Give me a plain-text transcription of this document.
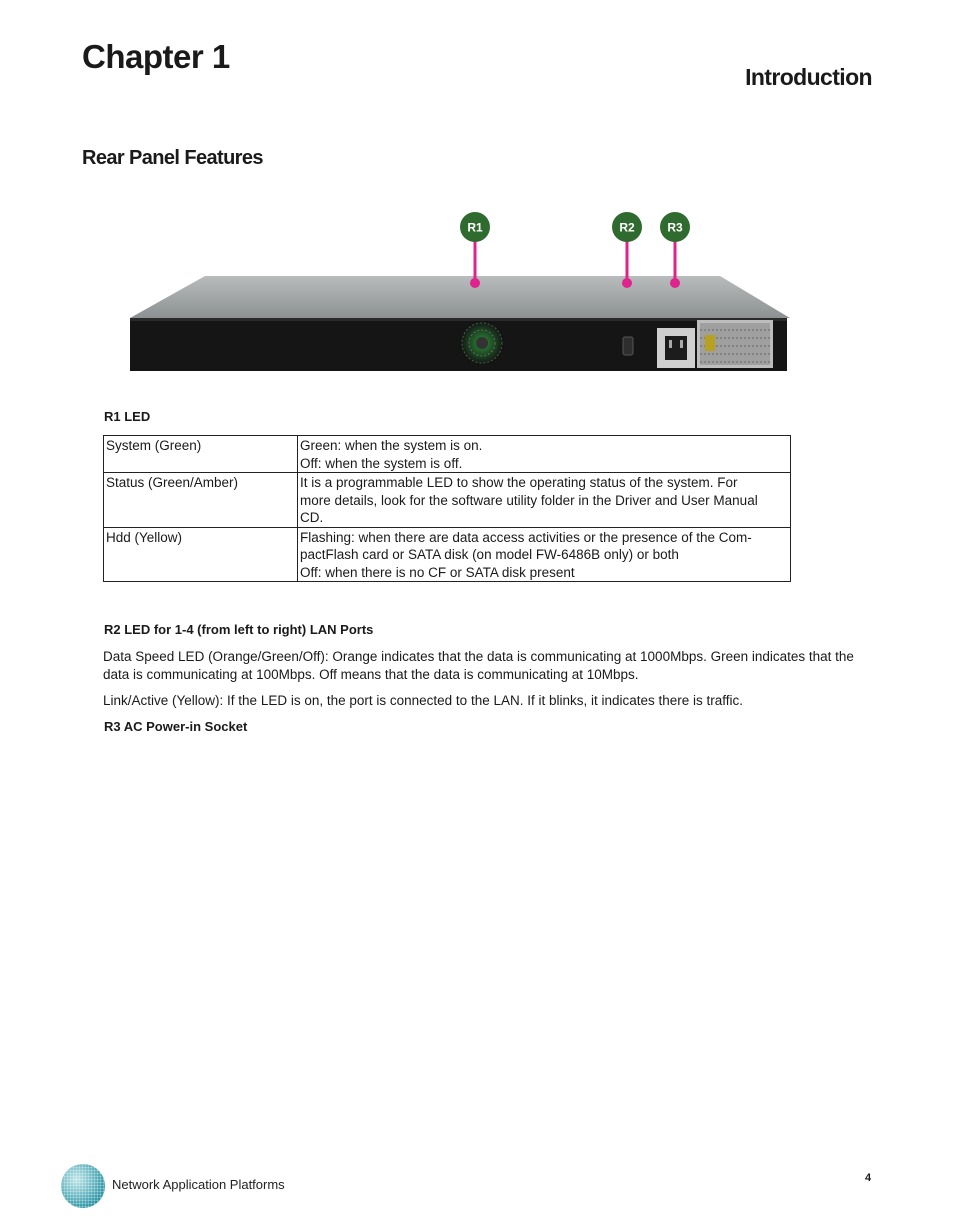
Chapter 1
Introduction
Rear Panel Features
R1	R2	R3
R1 LED
System (Green)	Green: when the system is on.
Off: when the system is off.

Status (Green/Amber)	It is a programmable LED to show the operating status of the system. For
more details, look for the software utility folder in the Driver and User Manual
CD.

Hdd (Yellow)	Flashing: when there are data access activities or the presence of the Com-
pactFlash card or SATA disk (on model FW-6486B only) or both
Off: when there is no CF or SATA disk present
R2 LED for 1-4 (from left to right) LAN Ports
Data Speed LED (Orange/Green/Off): Orange indicates that the data is communicating at 1000Mbps. Green indicates that the data is communicating at 100Mbps. Off means that the data is communicating at 10Mbps.
Link/Active (Yellow): If the LED is on, the port is connected to the LAN. If it blinks, it indicates there is traffic.
R3 AC Power-in Socket
Network Application Platforms	4
